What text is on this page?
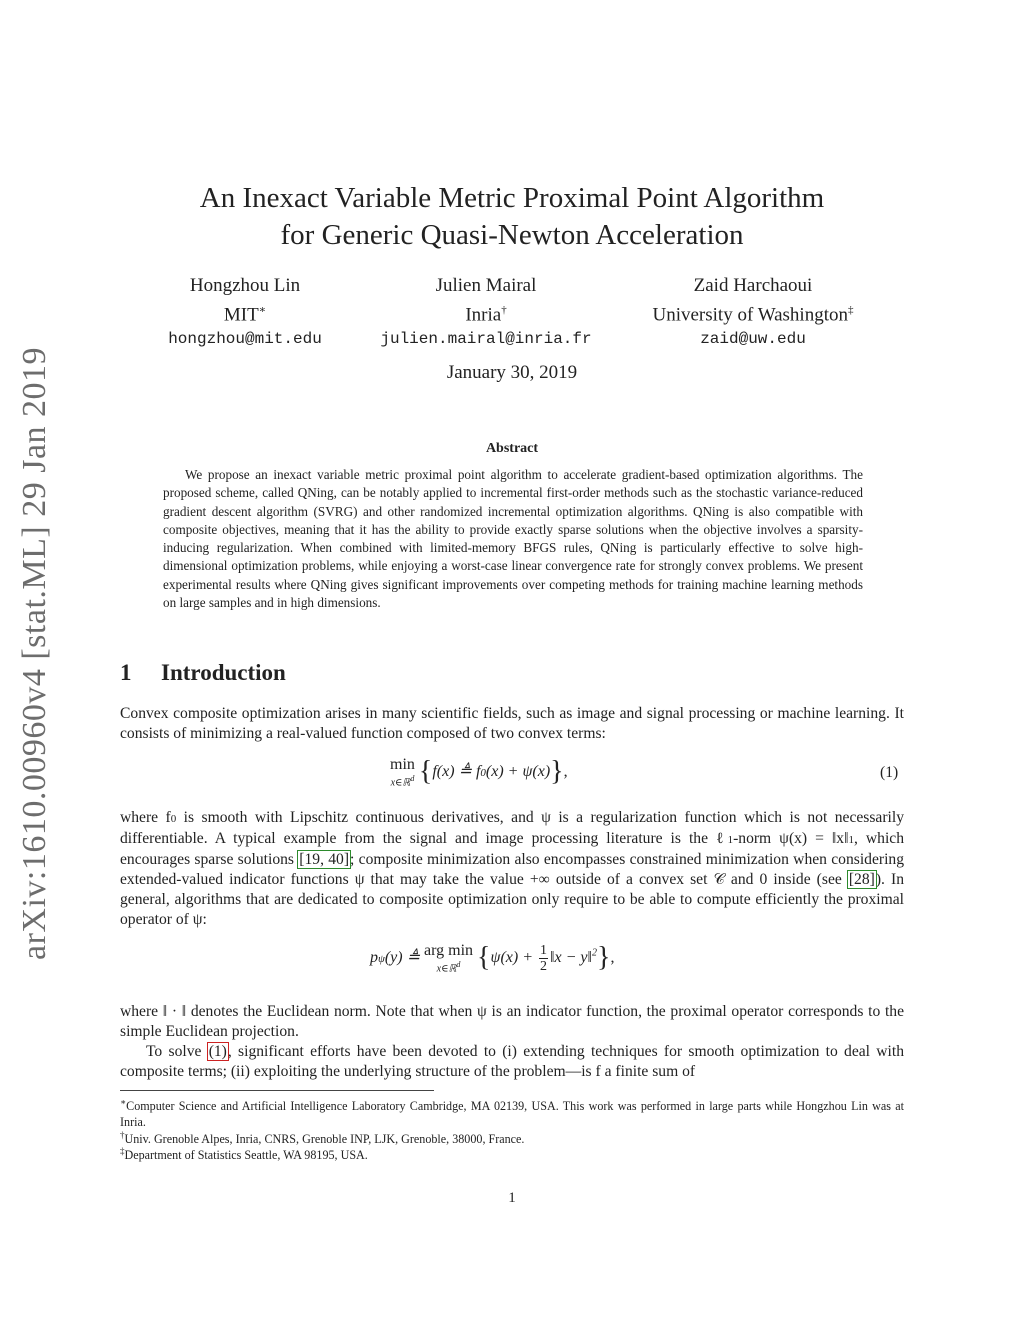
arXiv:1610.00960v4 [stat.ML] 29 Jan 2019
An Inexact Variable Metric Proximal Point Algorithm
for Generic Quasi-Newton Acceleration
Hongzhou Lin
MIT∗
hongzhou@mit.edu
Julien Mairal
Inria†
julien.mairal@inria.fr
Zaid Harchaoui
University of Washington‡
zaid@uw.edu
January 30, 2019
Abstract
We propose an inexact variable metric proximal point algorithm to accelerate gradient-based optimization algorithms. The proposed scheme, called QNing, can be notably applied to incremental first-order methods such as the stochastic variance-reduced gradient descent algorithm (SVRG) and other randomized incremental optimization algorithms. QNing is also compatible with composite objectives, meaning that it has the ability to provide exactly sparse solutions when the objective involves a sparsity-inducing regularization. When combined with limited-memory BFGS rules, QNing is particularly effective to solve high-dimensional optimization problems, while enjoying a worst-case linear convergence rate for strongly convex problems. We present experimental results where QNing gives significant improvements over competing methods for training machine learning methods on large samples and in high dimensions.
1 Introduction
Convex composite optimization arises in many scientific fields, such as image and signal processing or machine learning. It consists of minimizing a real-valued function composed of two convex terms:
min
x∈ℝ$^d$ {f(x) ≜ f0(x) + ψ(x)},	(1)
where f0 is smooth with Lipschitz continuous derivatives, and ψ is a regularization function which is not necessarily differentiable. A typical example from the signal and image processing literature is the ℓ1-norm ψ(x) = ‖x‖1, which encourages sparse solutions [19, 40]; composite minimization also encompasses constrained minimization when considering extended-valued indicator functions ψ that may take the value +∞ outside of a convex set 𝒞 and 0 inside (see [28]). In general, algorithms that are dedicated to composite optimization only require to be able to compute efficiently the proximal operator of ψ:
pψ(y) ≜ arg min
x∈ℝ$^d$ {$\psi(x) + \frac{1}{2}$ ‖x − y‖$^2$},
where ‖ · ‖ denotes the Euclidean norm. Note that when ψ is an indicator function, the proximal operator corresponds to the simple Euclidean projection.
To solve (1), significant efforts have been devoted to (i) extending techniques for smooth optimization to deal with composite terms; (ii) exploiting the underlying structure of the problem—is f a finite sum of
∗Computer Science and Artificial Intelligence Laboratory Cambridge, MA 02139, USA. This work was performed in large parts while Hongzhou Lin was at Inria.
†Univ. Grenoble Alpes, Inria, CNRS, Grenoble INP, LJK, Grenoble, 38000, France.
‡Department of Statistics Seattle, WA 98195, USA.
1
